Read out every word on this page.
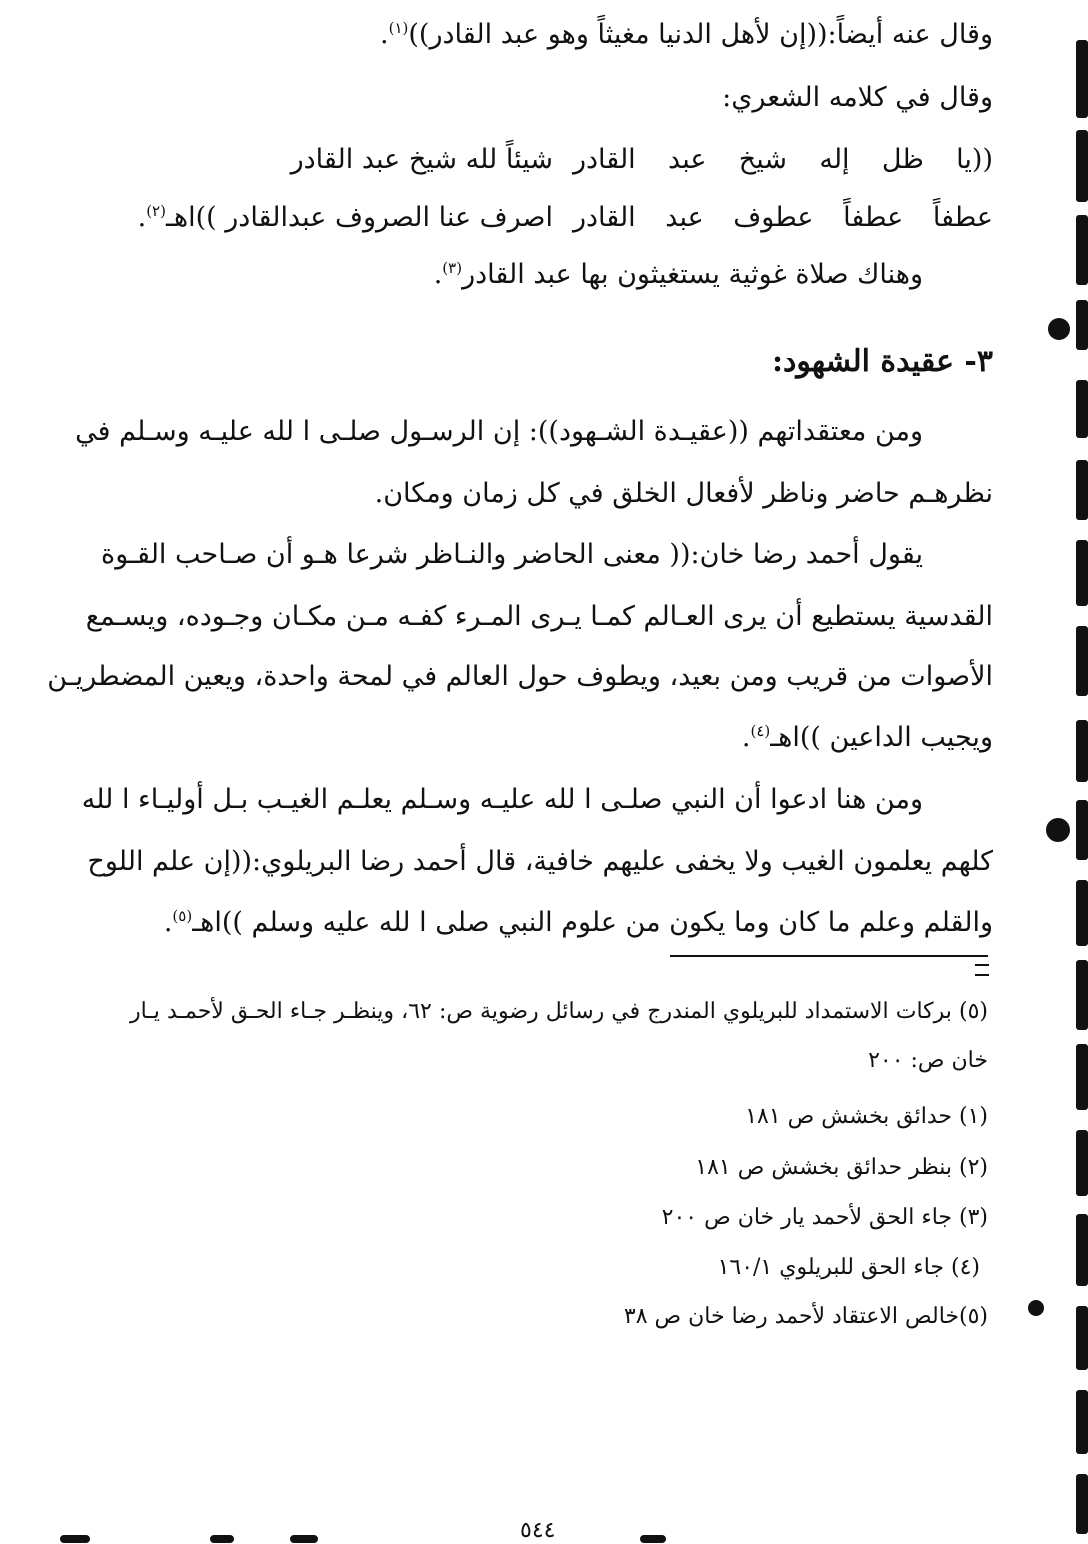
وقال عنه أيضاً:((إن لأهل الدنيا مغيثاً وهو عبد القادر))$^{(١)}$.
وقال في كلامه الشعري:
((يا ظل إله شيخ عبد القادر
شيئاً لله شيخ عبد القادر
عطفاً عطفاً عطوف عبد القادر
اصرف عنا الصروف عبدالقادر ))اهـ$^{(٢)}$.
وهناك صلاة غوثية يستغيثون بها عبد القادر$^{(٣)}$.
٣- عقيدة الشهود:
ومن معتقداتهم ((عقيـدة الشـهود)): إن الرسـول صلـى ا لله عليـه وسـلم في
نظرهـم حاضر وناظر لأفعال الخلق في كل زمان ومكان.
يقول أحمد رضا خان:(( معنى الحاضر والنـاظر شرعا هـو أن صـاحب القـوة
القدسية يستطيع أن يرى العـالم كمـا يـرى المـرء كفـه مـن مكـان وجـوده، ويسـمع
الأصوات من قريب ومن بعيد، ويطوف حول العالم في لمحة واحدة، ويعين المضطريـن
ويجيب الداعين ))اهـ$^{(٤)}$.
ومن هنا ادعوا أن النبي صلـى ا لله عليـه وسـلم يعلـم الغيـب بـل أوليـاء ا لله
كلهم يعلمون الغيب ولا يخفى عليهم خافية، قال أحمد رضا البريلوي:((إن علم اللوح
والقلم وعلم ما كان وما يكون من علوم النبي صلى ا لله عليه وسلم ))اهـ$^{(٥)}$.
(٥) بركات الاستمداد للبريلوي المندرج في رسائل رضوية ص: ٦٢، وينظـر جـاء الحـق لأحمـد يـار
خان ص: ٢٠٠
(١) حدائق بخشش ص ١٨١
(٢) بنظر حدائق بخشش ص ١٨١
(٣) جاء الحق لأحمد يار خان ص ٢٠٠
(٤) جاء الحق للبريلوي ١٦٠/١
(٥)خالص الاعتقاد لأحمد رضا خان ص ٣٨
٥٤٤
